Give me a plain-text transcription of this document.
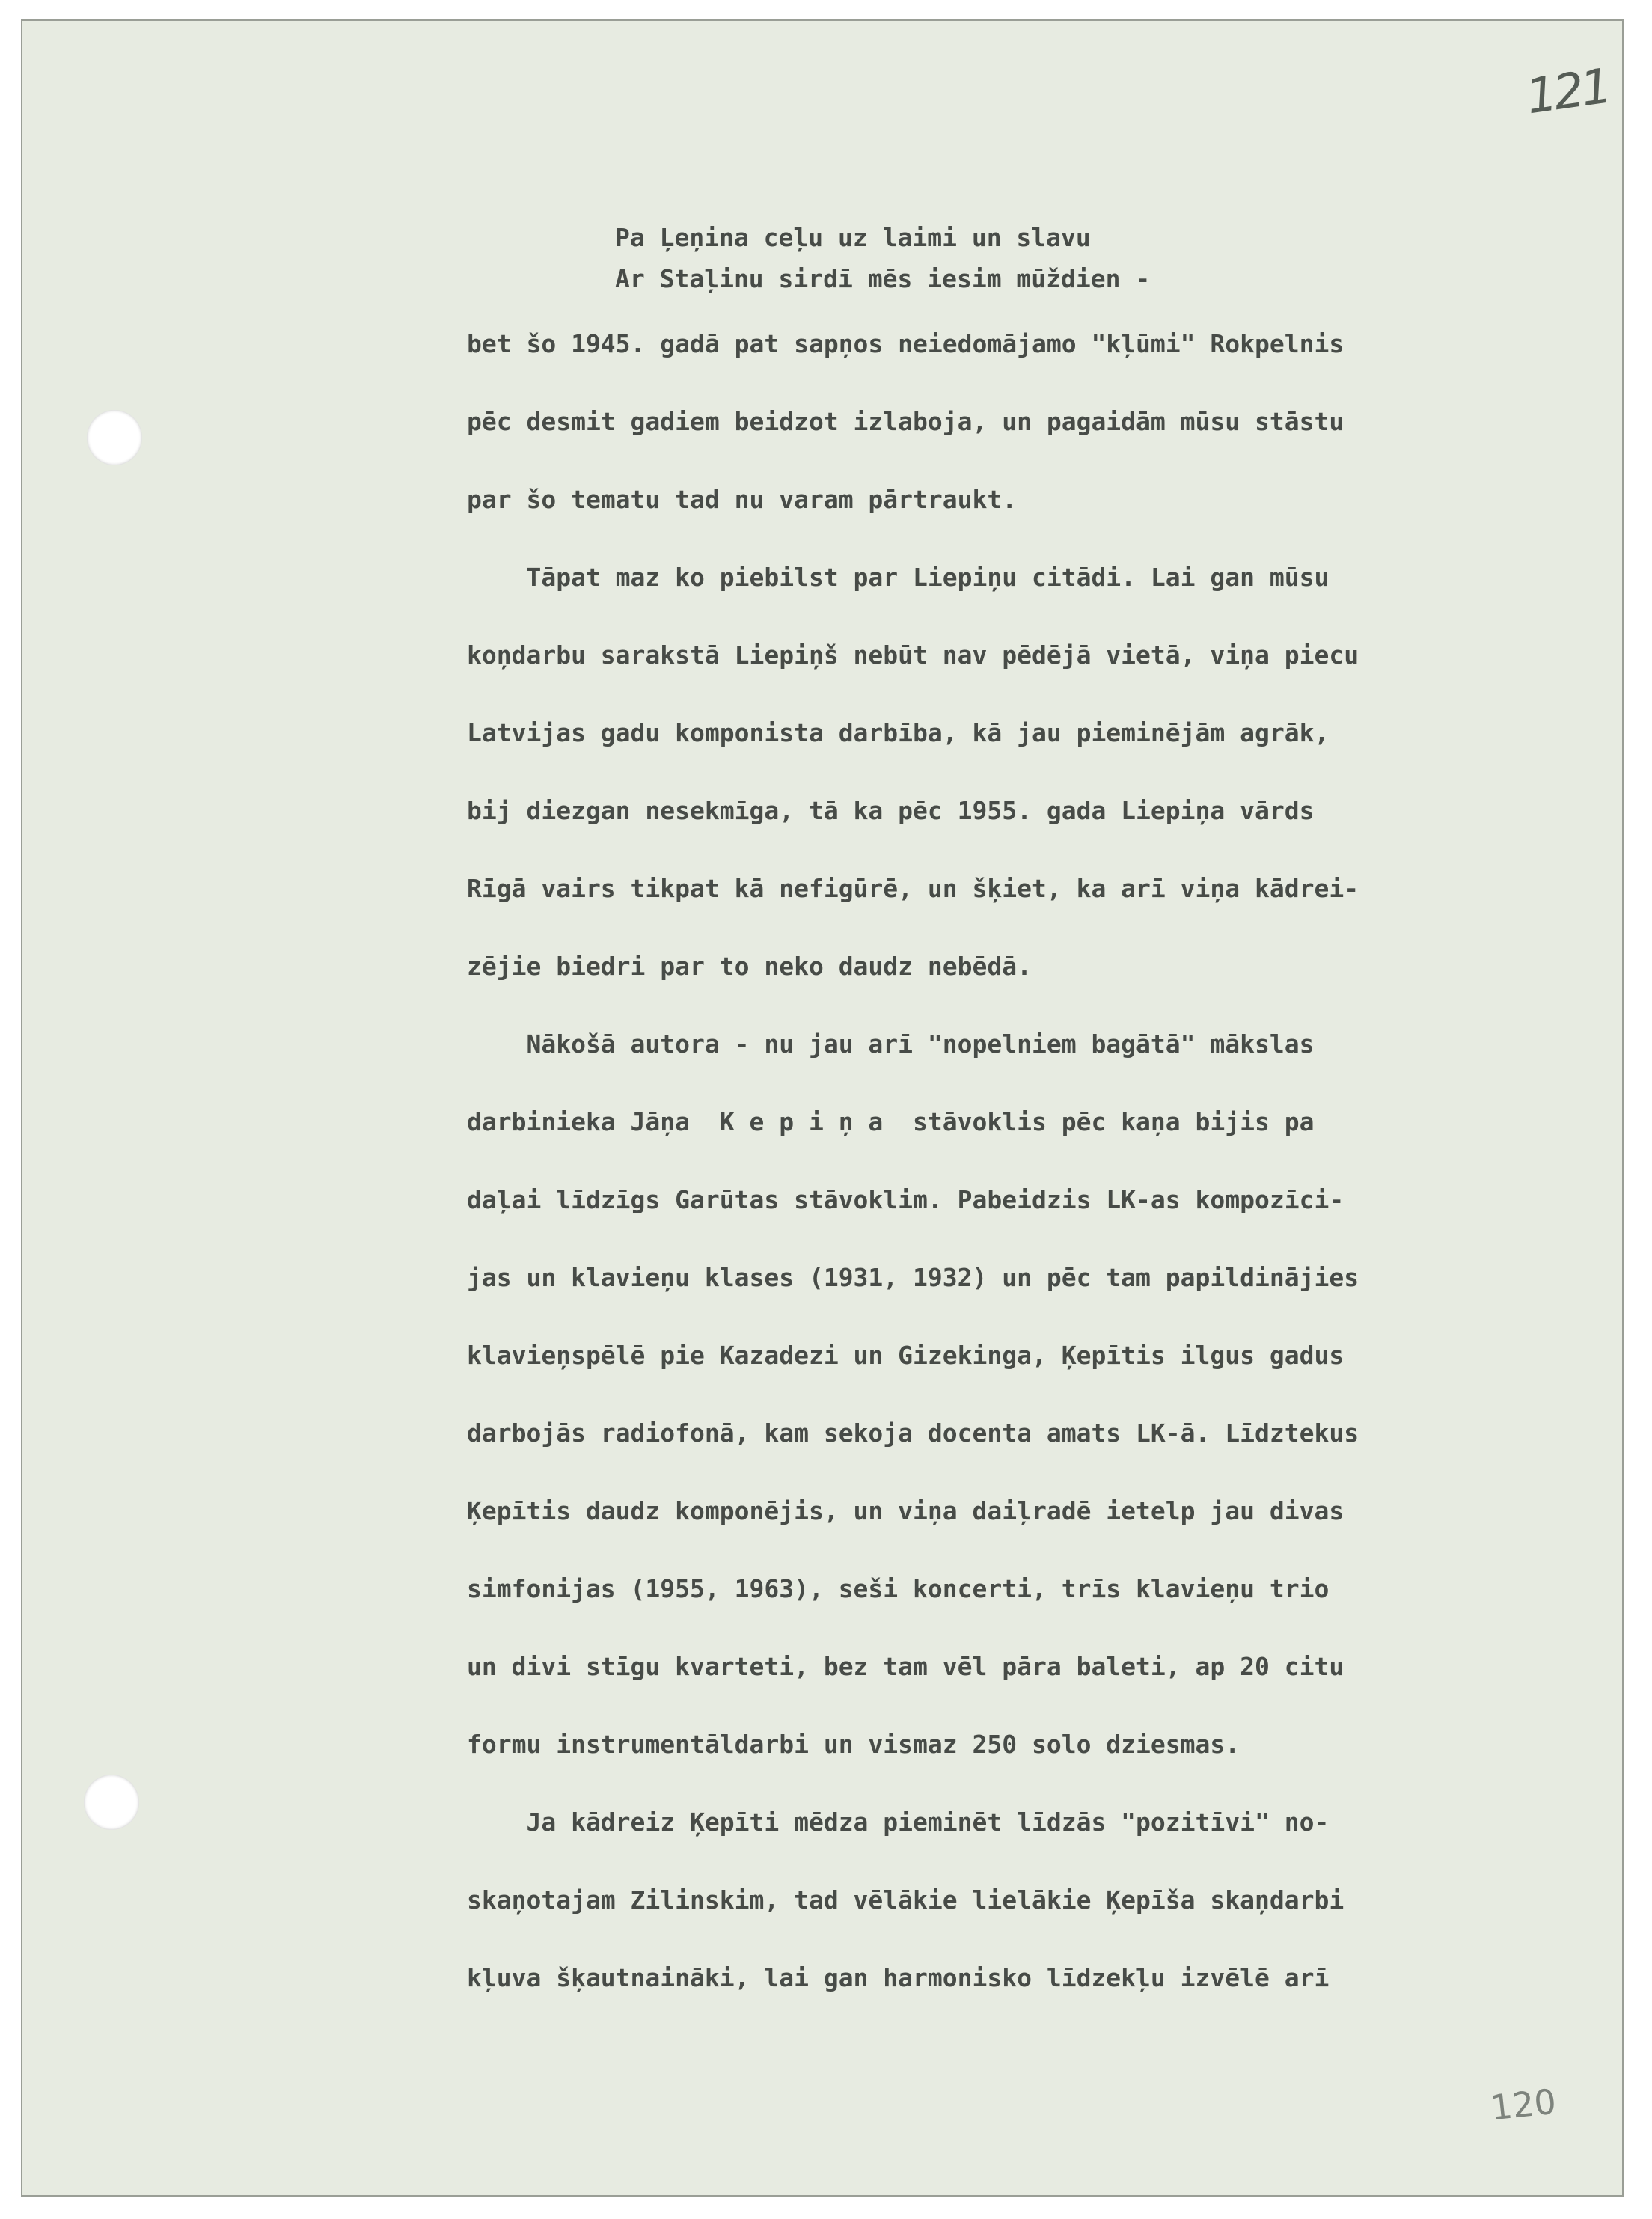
121
Pa Ļeņina ceļu uz laimi un slavu
Ar Staļinu sirdī mēs iesim mūždien -
bet šo 1945. gadā pat sapņos neiedomājamo "kļūmi" Rokpelnis
pēc desmit gadiem beidzot izlaboja, un pagaidām mūsu stāstu
par šo tematu tad nu varam pārtraukt.
Tāpat maz ko piebilst par Liepiņu citādi. Lai gan mūsu
koņdarbu sarakstā Liepiņš nebūt nav pēdējā vietā, viņa piecu
Latvijas gadu komponista darbība, kā jau pieminējām agrāk,
bij diezgan nesekmīga, tā ka pēc 1955. gada Liepiņa vārds
Rīgā vairs tikpat kā nefigūrē, un šķiet, ka arī viņa kādrei-
zējie biedri par to neko daudz nebēdā.
Nākošā autora - nu jau arī "nopelniem bagātā" mākslas
darbinieka Jāņa  K e p i ņ a  stāvoklis pēc kaņa bijis pa
daļai līdzīgs Garūtas stāvoklim. Pabeidzis LK-as kompozīci-
jas un klavieņu klases (1931, 1932) un pēc tam papildinājies
klavieņspēlē pie Kazadezi un Gizekinga, Ķepītis ilgus gadus
darbojās radiofonā, kam sekoja docenta amats LK-ā. Līdztekus
Ķepītis daudz komponējis, un viņa daiļradē ietelp jau divas
simfonijas (1955, 1963), seši koncerti, trīs klavieņu trio
un divi stīgu kvarteti, bez tam vēl pāra baleti, ap 20 citu
formu instrumentāldarbi un vismaz 250 solo dziesmas.
Ja kādreiz Ķepīti mēdza pieminēt līdzās "pozitīvi" no-
skaņotajam Zilinskim, tad vēlākie lielākie Ķepīša skaņdarbi
kļuva šķautnaināki, lai gan harmonisko līdzekļu izvēlē arī
120
